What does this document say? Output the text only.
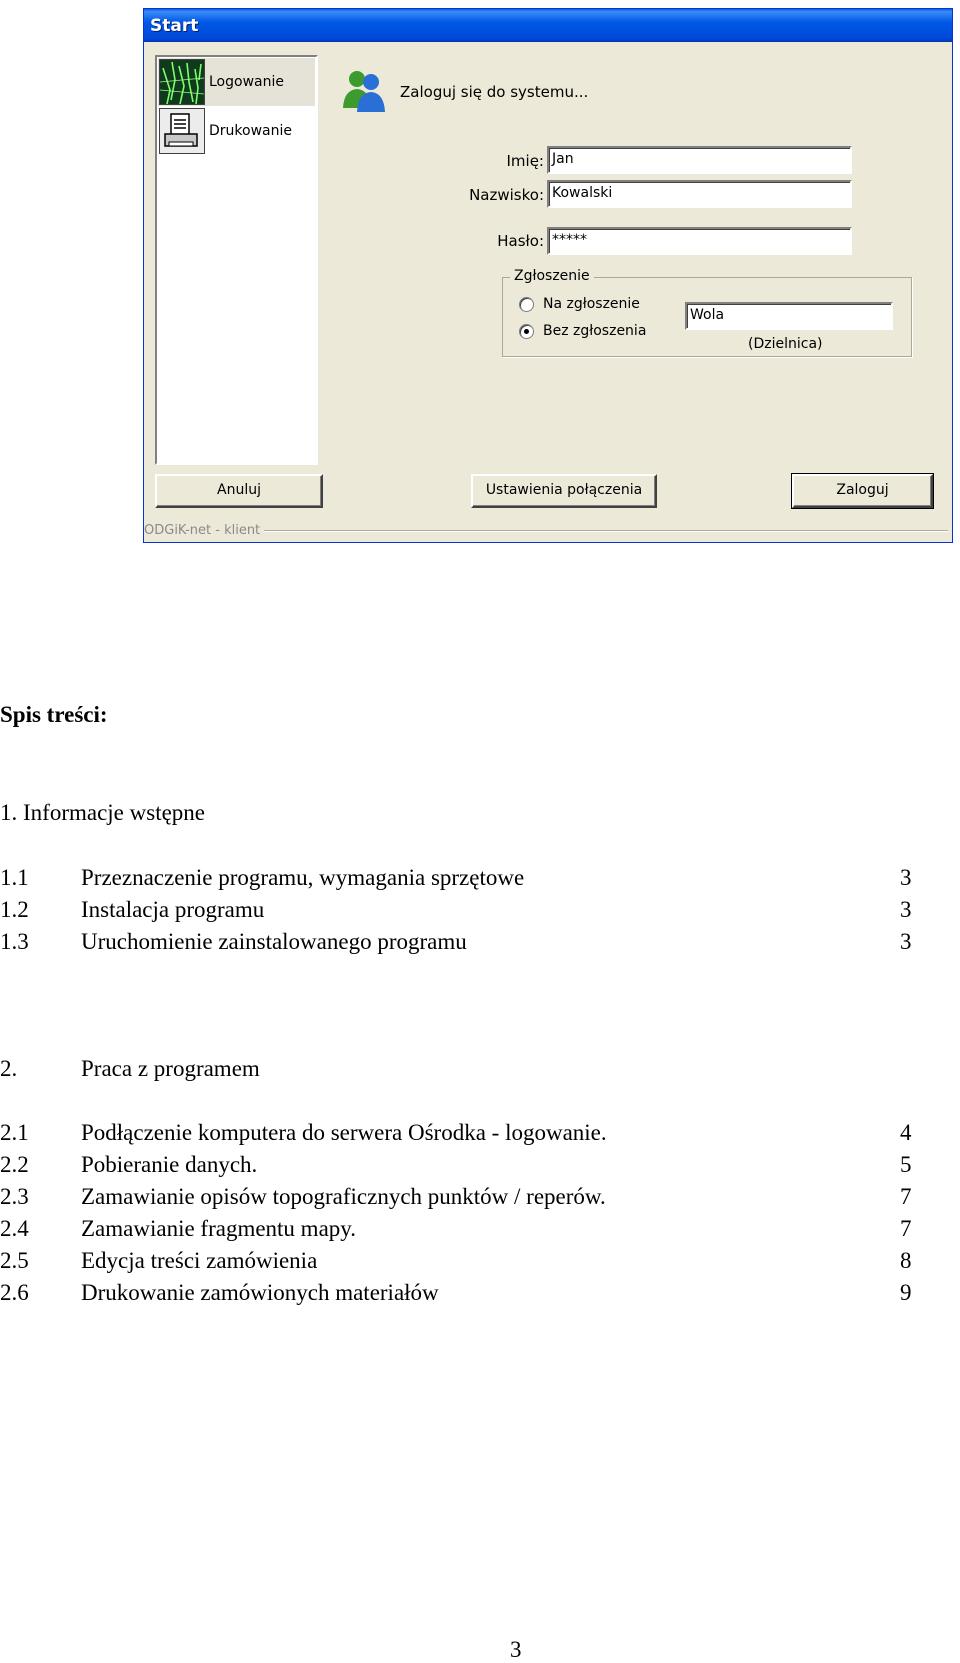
Start
Logowanie
Drukowanie
Zaloguj się do systemu...
Imię: Jan
Nazwisko: Kowalski
Hasło: *****
Zgłoszenie
Na zgłoszenie
Bez zgłoszenia
Wola
(Dzielnica)
Anuluj	Ustawienia połączenia	Zaloguj
ODGiK-net - klient
Spis treści:
1. Informacje wstępne
1.1 Przeznaczenie programu, wymagania sprzętowe	3
1.2 Instalacja programu	3
1.3 Uruchomienie zainstalowanego programu	3
2.	Praca z programem
2.1 Podłączenie komputera do serwera Ośrodka - logowanie.	4
2.2 Pobieranie danych.	5
2.3 Zamawianie opisów topograficznych punktów / reperów.	7
2.4 Zamawianie fragmentu mapy.	7
2.5 Edycja treści zamówienia	8
2.6 Drukowanie zamówionych materiałów	9
3
